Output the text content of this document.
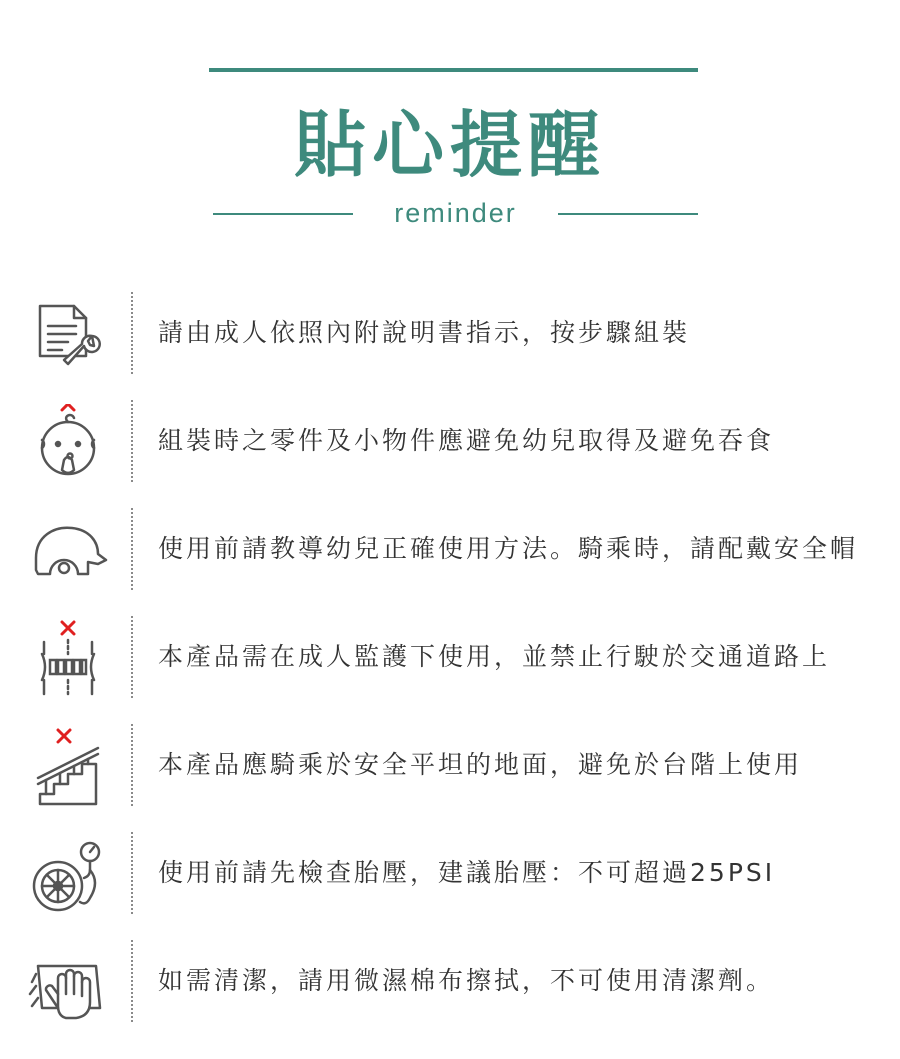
貼心提醒
reminder
請由成人依照內附說明書指示，按步驟組裝
組裝時之零件及小物件應避免幼兒取得及避免吞食
使用前請教導幼兒正確使用方法。騎乘時，請配戴安全帽
本產品需在成人監護下使用，並禁止行駛於交通道路上
本產品應騎乘於安全平坦的地面，避免於台階上使用
使用前請先檢查胎壓，建議胎壓：不可超過25PSI
如需清潔，請用微濕棉布擦拭，不可使用清潔劑。
